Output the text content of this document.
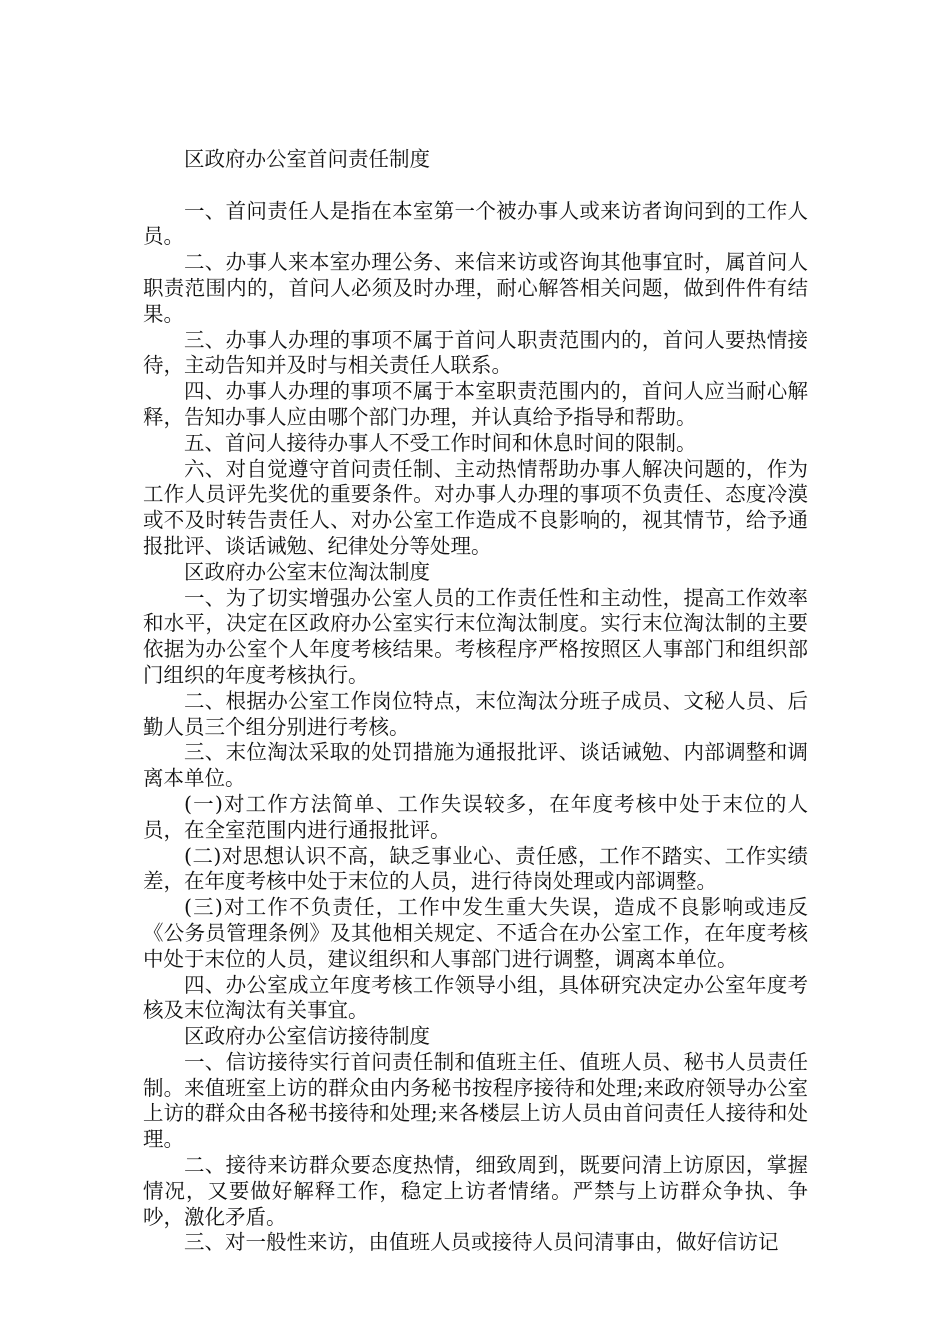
区政府办公室首问责任制度

一、首问责任人是指在本室第一个被办事人或来访者询问到的工作人员。

二、办事人来本室办理公务、来信来访或咨询其他事宜时，属首问人职责范围内的，首问人必须及时办理，耐心解答相关问题，做到件件有结果。

三、办事人办理的事项不属于首问人职责范围内的，首问人要热情接待，主动告知并及时与相关责任人联系。

四、办事人办理的事项不属于本室职责范围内的，首问人应当耐心解释，告知办事人应由哪个部门办理，并认真给予指导和帮助。

五、首问人接待办事人不受工作时间和休息时间的限制。

六、对自觉遵守首问责任制、主动热情帮助办事人解决问题的，作为工作人员评先奖优的重要条件。对办事人办理的事项不负责任、态度冷漠或不及时转告责任人、对办公室工作造成不良影响的，视其情节，给予通报批评、谈话诫勉、纪律处分等处理。

区政府办公室末位淘汰制度

一、为了切实增强办公室人员的工作责任性和主动性，提高工作效率和水平，决定在区政府办公室实行末位淘汰制度。实行末位淘汰制的主要依据为办公室个人年度考核结果。考核程序严格按照区人事部门和组织部门组织的年度考核执行。

二、根据办公室工作岗位特点，末位淘汰分班子成员、文秘人员、后勤人员三个组分别进行考核。

三、末位淘汰采取的处罚措施为通报批评、谈话诫勉、内部调整和调离本单位。

(一)对工作方法简单、工作失误较多，在年度考核中处于末位的人员，在全室范围内进行通报批评。

(二)对思想认识不高，缺乏事业心、责任感，工作不踏实、工作实绩差，在年度考核中处于末位的人员，进行待岗处理或内部调整。

(三)对工作不负责任，工作中发生重大失误，造成不良影响或违反《公务员管理条例》及其他相关规定、不适合在办公室工作，在年度考核中处于末位的人员，建议组织和人事部门进行调整，调离本单位。

四、办公室成立年度考核工作领导小组，具体研究决定办公室年度考核及末位淘汰有关事宜。

区政府办公室信访接待制度

一、信访接待实行首问责任制和值班主任、值班人员、秘书人员责任制。来值班室上访的群众由内务秘书按程序接待和处理;来政府领导办公室上访的群众由各秘书接待和处理;来各楼层上访人员由首问责任人接待和处理。

二、接待来访群众要态度热情，细致周到，既要问清上访原因，掌握情况，又要做好解释工作，稳定上访者情绪。严禁与上访群众争执、争吵，激化矛盾。

三、对一般性来访，由值班人员或接待人员问清事由，做好信访记
